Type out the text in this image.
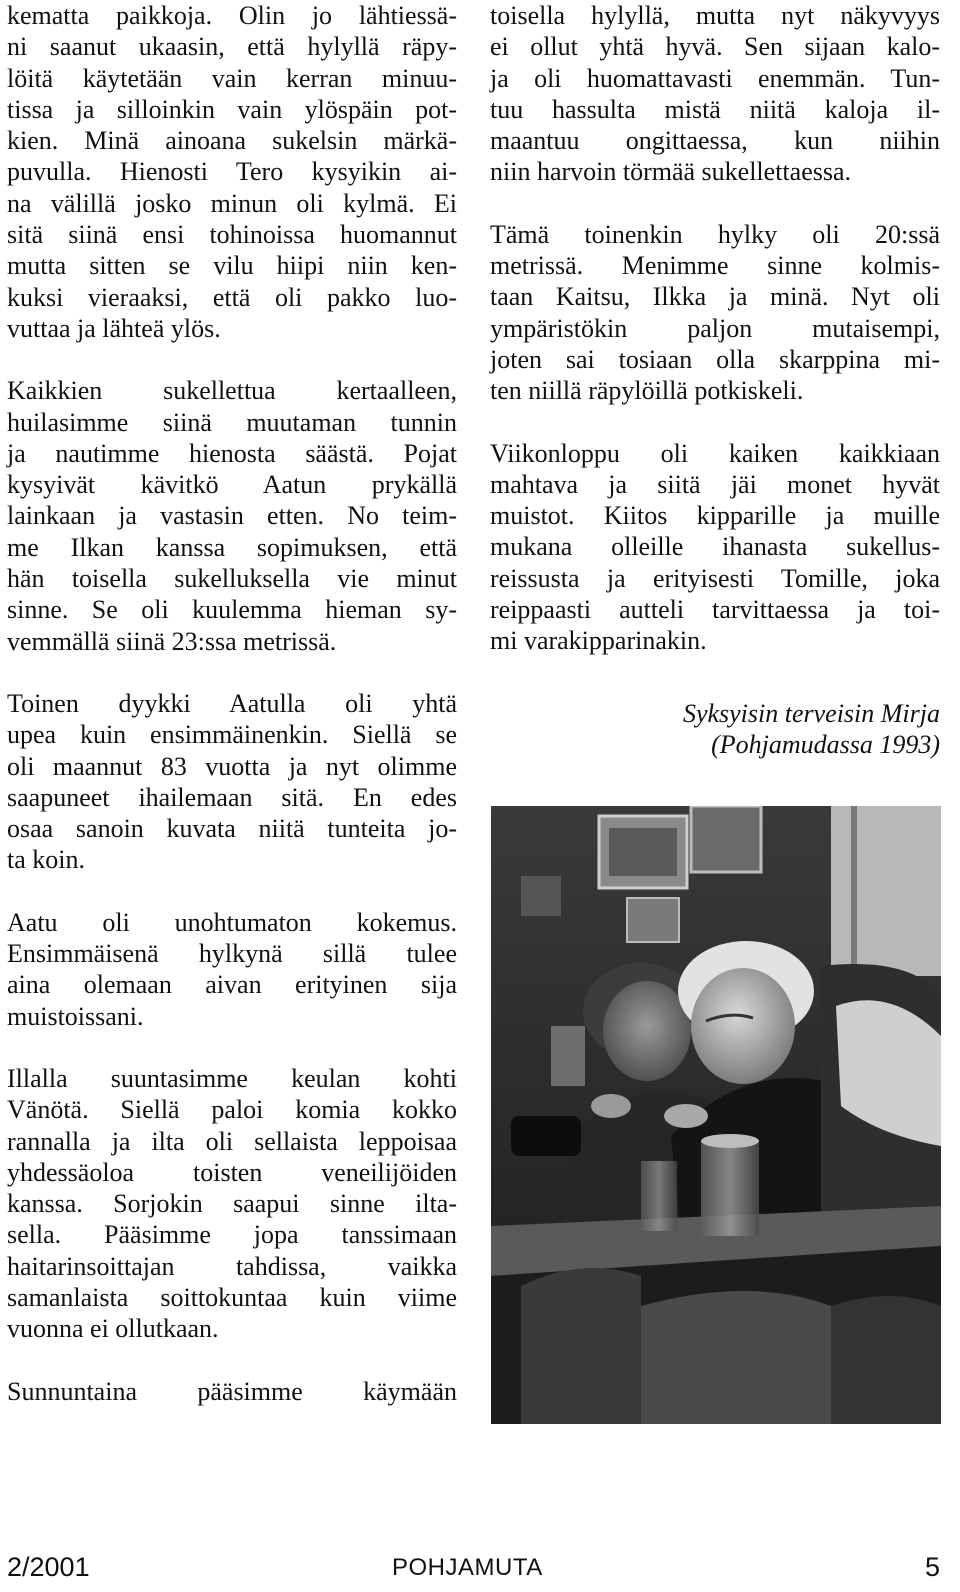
kematta paikkoja. Olin jo lähtiessä-
ni saanut ukaasin, että hylyllä räpy-
löitä käytetään vain kerran minuu-
tissa ja silloinkin vain ylöspäin pot-
kien. Minä ainoana sukelsin märkä-
puvulla. Hienosti Tero kysyikin ai-
na välillä josko minun oli kylmä. Ei
sitä siinä ensi tohinoissa huomannut
mutta sitten se vilu hiipi niin ken-
kuksi vieraaksi, että oli pakko luo-
vuttaa ja lähteä ylös.
Kaikkien sukellettua kertaalleen,
huilasimme siinä muutaman tunnin
ja nautimme hienosta säästä. Pojat
kysyivät kävitkö Aatun prykällä
lainkaan ja vastasin etten. No teim-
me Ilkan kanssa sopimuksen, että
hän toisella sukelluksella vie minut
sinne. Se oli kuulemma hieman sy-
vemmällä siinä 23:ssa metrissä.
Toinen dyykki Aatulla oli yhtä
upea kuin ensimmäinenkin. Siellä se
oli maannut 83 vuotta ja nyt olimme
saapuneet ihailemaan sitä. En edes
osaa sanoin kuvata niitä tunteita jo-
ta koin.
Aatu oli unohtumaton kokemus.
Ensimmäisenä hylkynä sillä tulee
aina olemaan aivan erityinen sija
muistoissani.
Illalla suuntasimme keulan kohti
Vänötä. Siellä paloi komia kokko
rannalla ja ilta oli sellaista leppoisaa
yhdessäoloa toisten veneilijöiden
kanssa. Sorjokin saapui sinne ilta-
sella. Pääsimme jopa tanssimaan
haitarinsoittajan tahdissa, vaikka
samanlaista soittokuntaa kuin viime
vuonna ei ollutkaan.
Sunnuntaina pääsimme käymään
toisella hylyllä, mutta nyt näkyvyys
ei ollut yhtä hyvä. Sen sijaan kalo-
ja oli huomattavasti enemmän. Tun-
tuu hassulta mistä niitä kaloja il-
maantuu ongittaessa, kun niihin
niin harvoin törmää sukellettaessa.
Tämä toinenkin hylky oli 20:ssä
metrissä. Menimme sinne kolmis-
taan Kaitsu, Ilkka ja minä. Nyt oli
ympäristökin paljon mutaisempi,
joten sai tosiaan olla skarppina mi-
ten niillä räpylöillä potkiskeli.
Viikonloppu oli kaiken kaikkiaan
mahtava ja siitä jäi monet hyvät
muistot. Kiitos kipparille ja muille
mukana olleille ihanasta sukellus-
reissusta ja erityisesti Tomille, joka
reippaasti autteli tarvittaessa ja toi-
mi varakipparinakin.
Syksyisin terveisin Mirja
(Pohjamudassa 1993)
2/2001	POHJAMUTA	5
